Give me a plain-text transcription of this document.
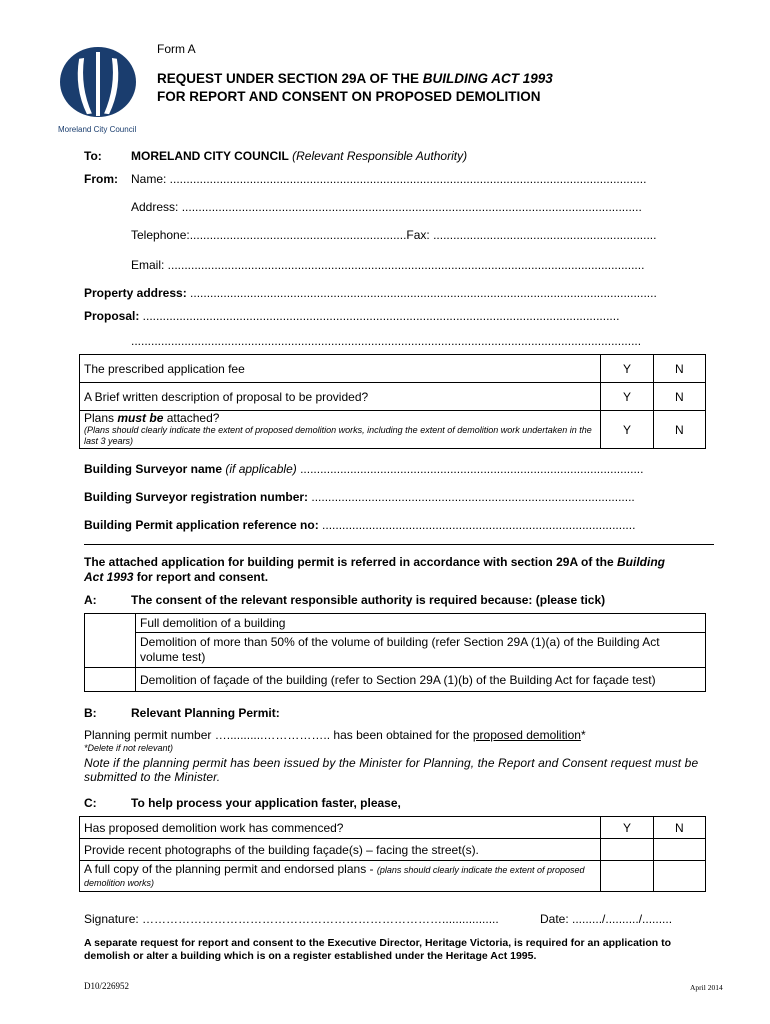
Moreland City Council
Form A
REQUEST UNDER SECTION 29A OF THE BUILDING ACT 1993
FOR REPORT AND CONSENT ON PROPOSED DEMOLITION
To: MORELAND CITY COUNCIL (Relevant Responsible Authority)
From: Name: ...............................................................................................................................................
Address: ..........................................................................................................................................
Telephone:.................................................................Fax: ...................................................................
Email: ...............................................................................................................................................
Property address: ............................................................................................................................................
Proposal: ...............................................................................................................................................
.........................................................................................................................................................
The prescribed application fee	Y	N
A Brief written description of proposal to be provided?	Y	N

Plans must be attached?
(Plans should clearly indicate the extent of proposed demolition works, including the extent of demolition work undertaken in the last 3 years)	Y	N
Building Surveyor name (if applicable) .......................................................................................................
Building Surveyor registration number: .................................................................................................
Building Permit application reference no: ..............................................................................................
The attached application for building permit is referred in accordance with section 29A of the Building
Act 1993 for report and consent.
A:	The consent of the relevant responsible authority is required because: (please tick)
	Full demolition of a building
	Demolition of more than 50% of the volume of building (refer Section 29A (1)(a) of the Building Act volume test)
	Demolition of façade of the building (refer to Section 29A (1)(b) of the Building Act for façade test)
B:	Relevant Planning Permit:
Planning permit number …...........…………….. has been obtained for the proposed demolition*
*Delete if not relevant)
Note if the planning permit has been issued by the Minister for Planning, the Report and Consent request must be submitted to the Minister.
C:	To help process your application faster, please,
Has proposed demolition work has commenced?	Y	N
Provide recent photographs of the building façade(s) – facing the street(s).		
A full copy of the planning permit and endorsed plans - (plans should clearly indicate the extent of proposed demolition works)		
Signature: ………………………………………………………………….................	Date: ........./........../.........
A separate request for report and consent to the Executive Director, Heritage Victoria, is required for an application to demolish or alter a building which is on a register established under the Heritage Act 1995.
D10/226952	April 2014
